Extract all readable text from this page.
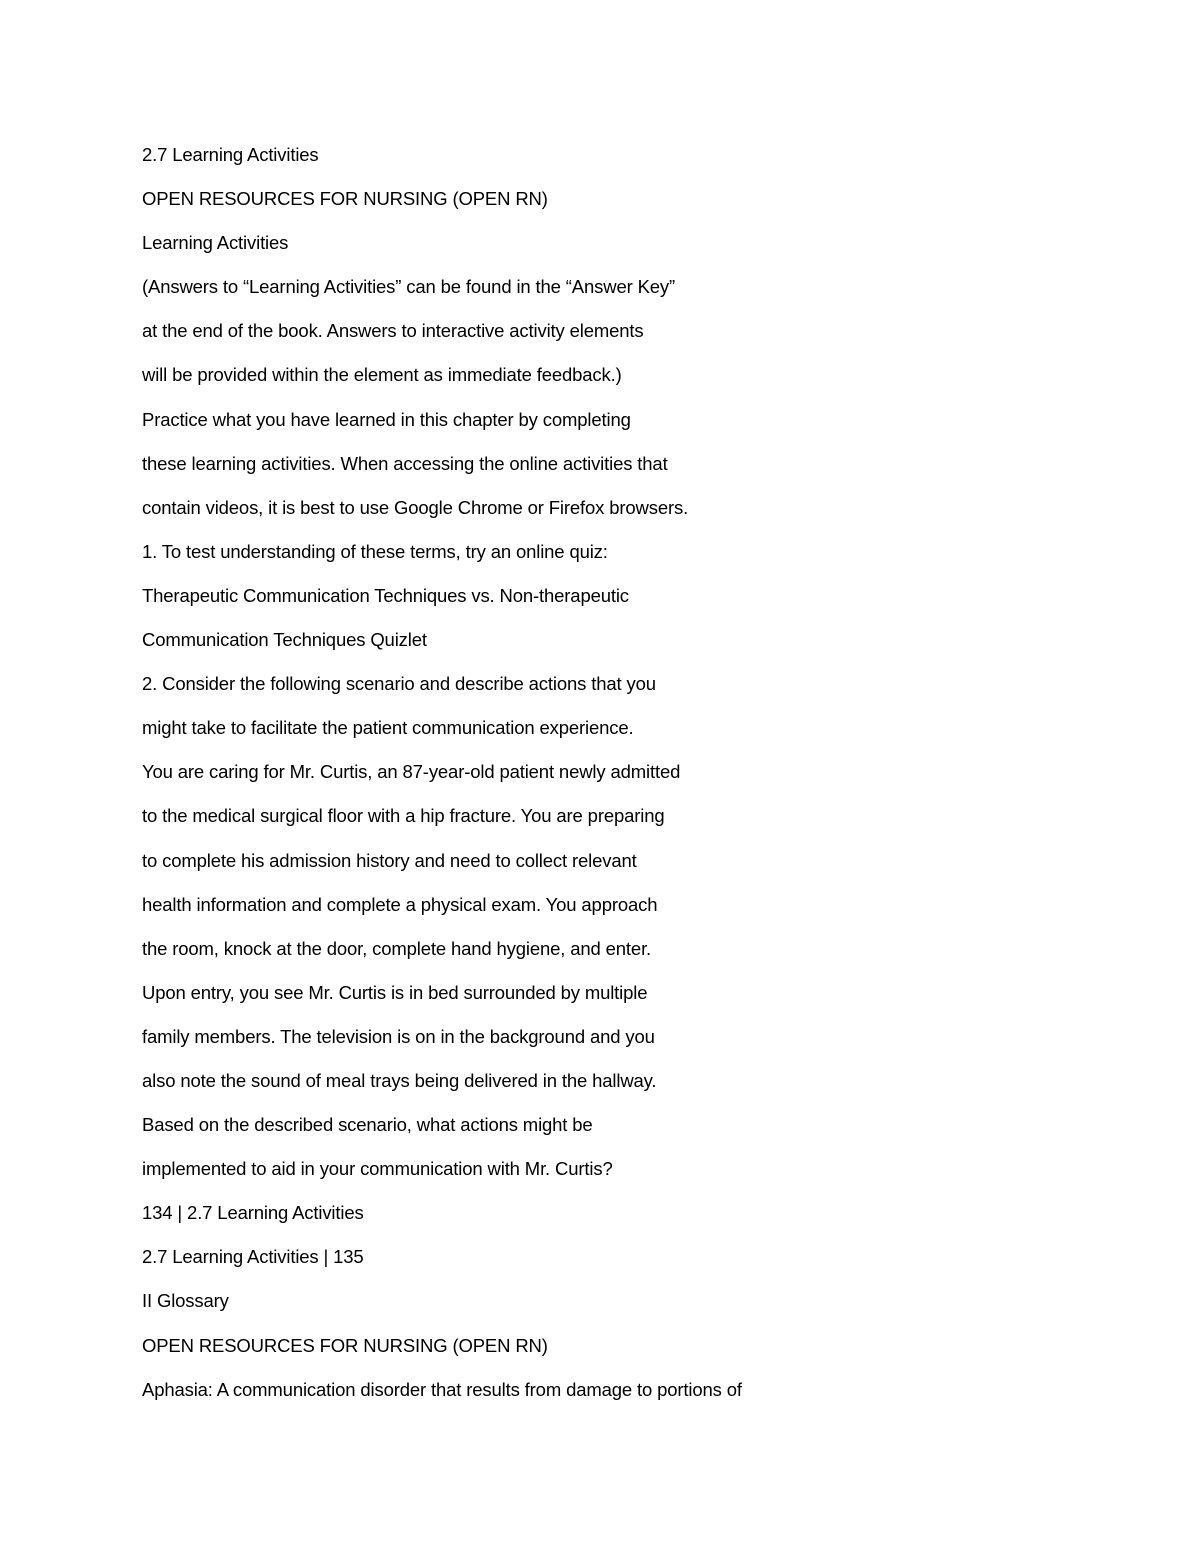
2.7 Learning Activities
OPEN RESOURCES FOR NURSING (OPEN RN)
Learning Activities
(Answers to “Learning Activities” can be found in the “Answer Key”
at the end of the book. Answers to interactive activity elements
will be provided within the element as immediate feedback.)
Practice what you have learned in this chapter by completing
these learning activities. When accessing the online activities that
contain videos, it is best to use Google Chrome or Firefox browsers.
1. To test understanding of these terms, try an online quiz:
Therapeutic Communication Techniques vs. Non-therapeutic
Communication Techniques Quizlet
2. Consider the following scenario and describe actions that you
might take to facilitate the patient communication experience.
You are caring for Mr. Curtis, an 87-year-old patient newly admitted
to the medical surgical floor with a hip fracture. You are preparing
to complete his admission history and need to collect relevant
health information and complete a physical exam. You approach
the room, knock at the door, complete hand hygiene, and enter.
Upon entry, you see Mr. Curtis is in bed surrounded by multiple
family members. The television is on in the background and you
also note the sound of meal trays being delivered in the hallway.
Based on the described scenario, what actions might be
implemented to aid in your communication with Mr. Curtis?
134 | 2.7 Learning Activities
2.7 Learning Activities | 135
II Glossary
OPEN RESOURCES FOR NURSING (OPEN RN)
Aphasia: A communication disorder that results from damage to portions of
